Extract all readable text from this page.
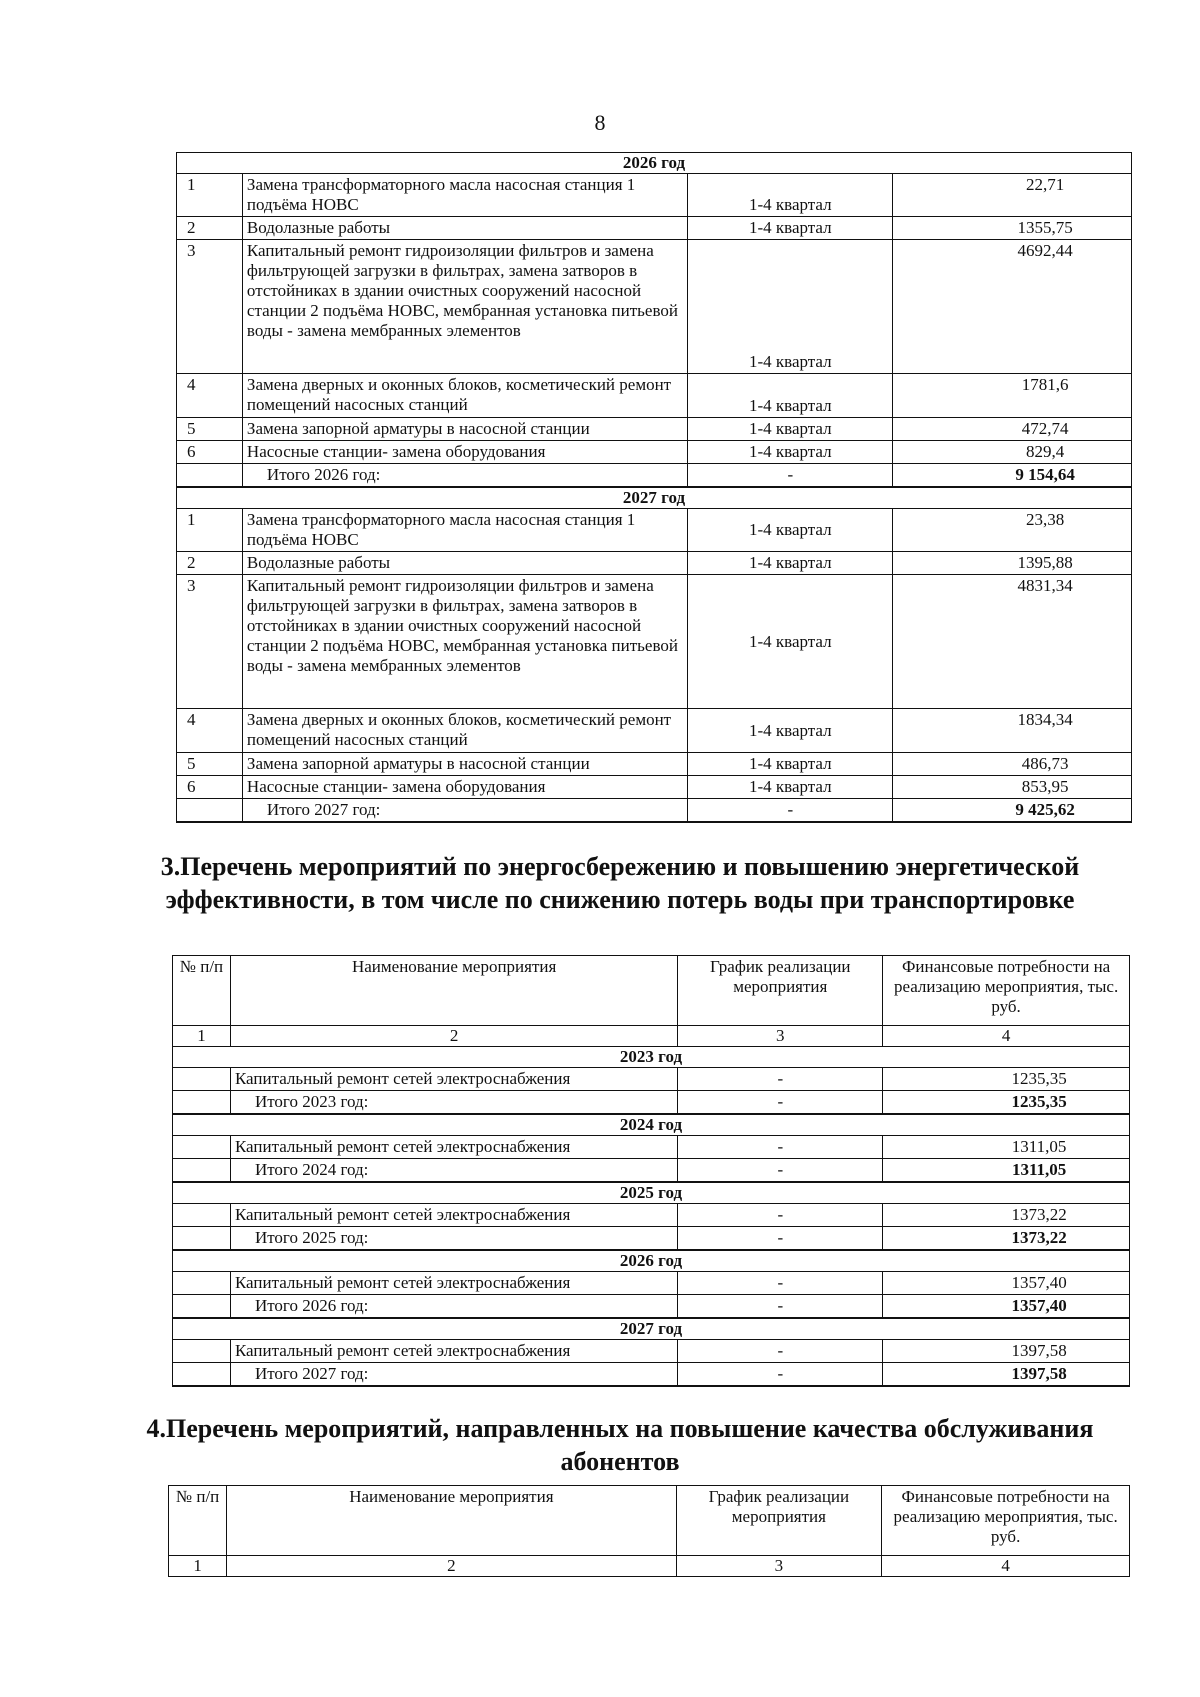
8
2026 год			
1	Замена трансформаторного масла насосная станция 1 подъёма НОВС	1-4 квартал	22,71
2	Водолазные работы	1-4 квартал	1355,75
3	Капитальный ремонт гидроизоляции фильтров и замена фильтрующей загрузки в фильтрах, замена затворов в отстойниках в здании очистных сооружений насосной станции 2 подъёма НОВС, мембранная установка питьевой воды - замена мембранных элементов	1-4 квартал	4692,44
4	Замена дверных и оконных блоков, косметический ремонт помещений насосных станций	1-4 квартал	1781,6
5	Замена запорной арматуры в насосной станции	1-4 квартал	472,74
6	Насосные станции- замена оборудования	1-4 квартал	829,4
	Итого 2026 год:	-	9 154,64
2027 год			
1	Замена трансформаторного масла насосная станция 1 подъёма НОВС	1-4 квартал	23,38
2	Водолазные работы	1-4 квартал	1395,88
3	Капитальный ремонт гидроизоляции фильтров и замена фильтрующей загрузки в фильтрах, замена затворов в отстойниках в здании очистных сооружений насосной станции 2 подъёма НОВС, мембранная установка питьевой воды - замена мембранных элементов	1-4 квартал	4831,34
4	Замена дверных и оконных блоков, косметический ремонт помещений насосных станций	1-4 квартал	1834,34
5	Замена запорной арматуры в насосной станции	1-4 квартал	486,73
6	Насосные станции- замена оборудования	1-4 квартал	853,95
	Итого 2027 год:	-	9 425,62
3.Перечень мероприятий по энергосбережению и повышению энергетической эффективности, в том числе по снижению потерь воды при транспортировке
№ п/п	Наименование мероприятия	График реализации мероприятия	Финансовые потребности на реализацию мероприятия, тыс. руб.
1	2	3	4
2023 год			
	Капитальный ремонт сетей электроснабжения	-	1235,35
	Итого 2023 год:	-	1235,35
2024 год			
	Капитальный ремонт сетей электроснабжения	-	1311,05
	Итого 2024 год:	-	1311,05
2025 год			
	Капитальный ремонт сетей электроснабжения	-	1373,22
	Итого 2025 год:	-	1373,22
2026 год			
	Капитальный ремонт сетей электроснабжения	-	1357,40
	Итого 2026 год:	-	1357,40
2027 год			
	Капитальный ремонт сетей электроснабжения	-	1397,58
	Итого 2027 год:	-	1397,58
4.Перечень мероприятий, направленных на повышение качества обслуживания абонентов
№ п/п	Наименование мероприятия	График реализации мероприятия	Финансовые потребности на реализацию мероприятия, тыс. руб.
1	2	3	4
